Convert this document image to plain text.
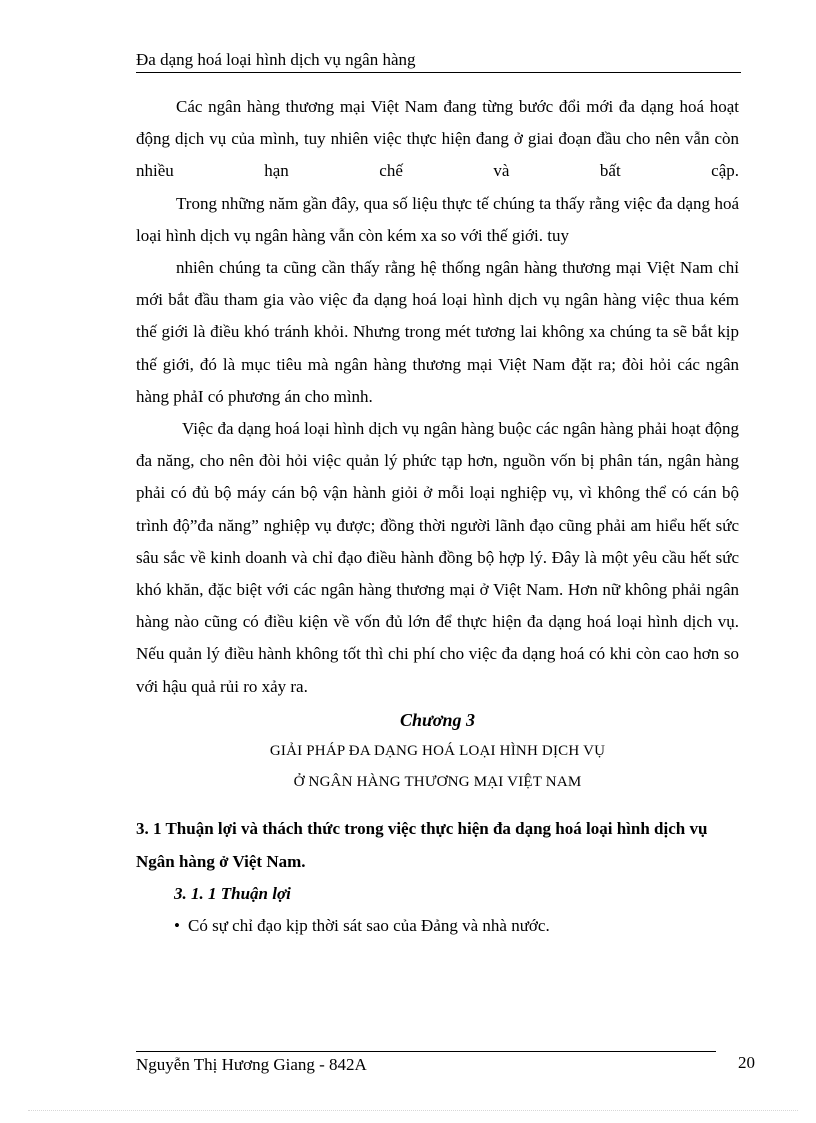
Đa dạng hoá loại hình dịch vụ ngân hàng

Các ngân hàng thương mại Việt Nam đang từng bước đổi mới đa dạng hoá hoạt động dịch vụ của mình, tuy nhiên việc thực hiện đang ở giai đoạn đầu cho nên vẫn còn nhiều hạn chế và bất cập.

Trong những năm gần đây, qua số liệu thực tế chúng ta thấy rằng việc đa dạng hoá loại hình dịch vụ ngân hàng vẫn còn kém xa so với thế giới. tuy

nhiên chúng ta cũng cần thấy rằng hệ thống ngân hàng thương mại Việt Nam chỉ mới bắt đầu tham gia vào việc đa dạng hoá loại hình dịch vụ ngân hàng việc thua kém thế giới là điều khó tránh khỏi. Nhưng trong mét tương lai không xa chúng ta sẽ bắt kịp thế giới, đó là mục tiêu mà ngân hàng thương mại Việt Nam đặt ra; đòi hỏi các ngân hàng phảI có phương án cho mình.

Việc đa dạng hoá loại hình dịch vụ ngân hàng buộc các ngân hàng phải hoạt động đa năng, cho nên đòi hỏi việc quản lý phức tạp hơn, nguồn vốn bị phân tán, ngân hàng phải có đủ bộ máy cán bộ vận hành giỏi ở mỗi loại nghiệp vụ, vì không thể có cán bộ trình độ”đa năng” nghiệp vụ được; đồng thời người lãnh đạo cũng phải am hiểu hết sức sâu sắc về kinh doanh và chỉ đạo điều hành đồng bộ hợp lý. Đây là một yêu cầu hết sức khó khăn, đặc biệt với các ngân hàng thương mại ở Việt Nam. Hơn nữ không phải ngân hàng nào cũng có điều kiện về vốn đủ lớn để thực hiện đa dạng hoá loại hình dịch vụ. Nếu quản lý điều hành không tốt thì chi phí cho việc đa dạng hoá có khi còn cao hơn so với hậu quả rủi ro xảy ra.

Chương 3

GIẢI PHÁP ĐA DẠNG HOÁ LOẠI HÌNH DỊCH VỤ

Ở NGÂN HÀNG THƯƠNG MẠI VIỆT NAM

3. 1 Thuận lợi và thách thức trong việc thực hiện đa dạng hoá loại hình dịch vụ Ngân hàng ở Việt Nam.

3. 1. 1 Thuận lợi

• Có sự chỉ đạo kịp thời sát sao của Đảng và nhà nước.

Nguyễn Thị Hương Giang - 842A	20
